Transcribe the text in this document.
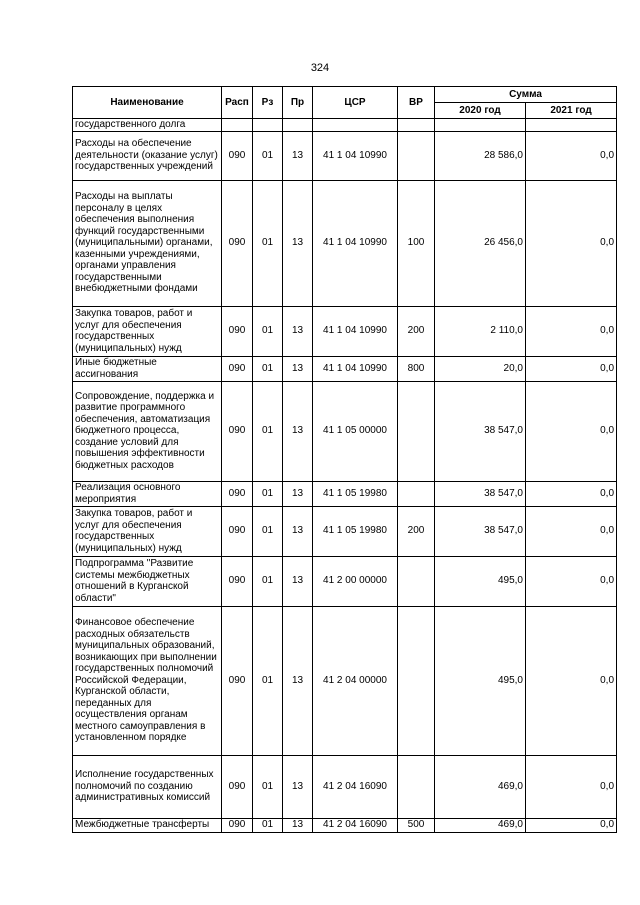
324
Наименование	Расп	Рз	Пр	ЦСР	ВР	Сумма	
						2020 год	2021 год
государственного долга							
Расходы на обеспечение деятельности (оказание услуг) государственных учреждений	090	01	13	41 1 04 10990		28 586,0	0,0
Расходы на выплаты персоналу в целях обеспечения выполнения функций государственными (муниципальными) органами, казенными учреждениями, органами управления государственными внебюджетными фондами	090	01	13	41 1 04 10990	100	26 456,0	0,0
Закупка товаров, работ и услуг для обеспечения государственных (муниципальных) нужд	090	01	13	41 1 04 10990	200	2 110,0	0,0
Иные бюджетные ассигнования	090	01	13	41 1 04 10990	800	20,0	0,0
Сопровождение, поддержка и развитие программного обеспечения, автоматизация бюджетного процесса, создание условий для повышения эффективности бюджетных расходов	090	01	13	41 1 05 00000		38 547,0	0,0
Реализация основного мероприятия	090	01	13	41 1 05 19980		38 547,0	0,0
Закупка товаров, работ и услуг для обеспечения государственных (муниципальных) нужд	090	01	13	41 1 05 19980	200	38 547,0	0,0
Подпрограмма "Развитие системы межбюджетных отношений в Курганской области"	090	01	13	41 2 00 00000		495,0	0,0
Финансовое обеспечение расходных обязательств муниципальных образований, возникающих при выполнении государственных полномочий Российской Федерации, Курганской области, переданных для осуществления органам местного самоуправления в установленном порядке	090	01	13	41 2 04 00000		495,0	0,0
Исполнение государственных полномочий по созданию административных комиссий	090	01	13	41 2 04 16090		469,0	0,0
Межбюджетные трансферты	090	01	13	41 2 04 16090	500	469,0	0,0
